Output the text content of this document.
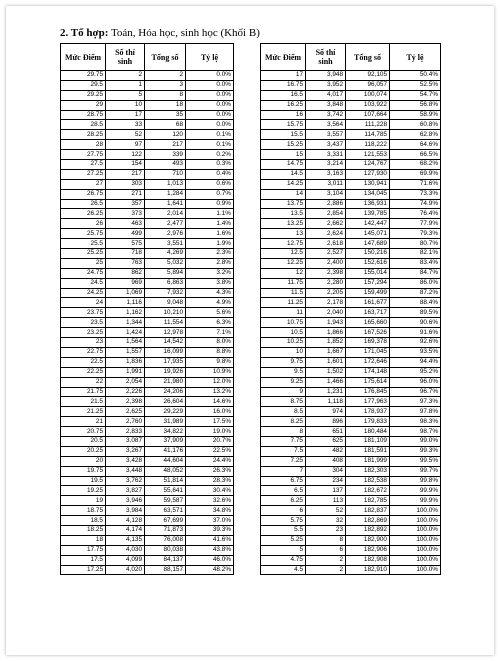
2. Tổ hợp: Toán, Hóa học, sinh học (Khối B)
Mức Điểm	Số thí sinh	Tổng số	Tỷ lệ
29.75	2	2	0.0%
29.5	1	3	0.0%
29.25	5	8	0.0%
29	10	18	0.0%
28.75	17	35	0.0%
28.5	33	68	0.0%
28.25	52	120	0.1%
28	97	217	0.1%
27.75	122	339	0.2%
27.5	154	493	0.3%
27.25	217	710	0.4%
27	303	1,013	0.6%
26.75	271	1,284	0.7%
26.5	357	1,641	0.9%
26.25	373	2,014	1.1%
26	463	2,477	1.4%
25.75	499	2,976	1.6%
25.5	575	3,551	1.9%
25.25	718	4,269	2.3%
25	763	5,032	2.8%
24.75	862	5,894	3.2%
24.5	969	6,863	3.8%
24.25	1,069	7,932	4.3%
24	1,116	9,048	4.9%
23.75	1,162	10,210	5.6%
23.5	1,344	11,554	6.3%
23.25	1,424	12,978	7.1%
23	1,564	14,542	8.0%
22.75	1,557	16,099	8.8%
22.5	1,836	17,935	9.8%
22.25	1,991	19,926	10.9%
22	2,054	21,980	12.0%
21.75	2,226	24,206	13.2%
21.5	2,398	26,604	14.6%
21.25	2,625	29,229	16.0%
21	2,760	31,989	17.5%
20.75	2,833	34,822	19.0%
20.5	3,087	37,909	20.7%
20.25	3,267	41,176	22.5%
20	3,428	44,604	24.4%
19.75	3,448	48,052	26.3%
19.5	3,762	51,814	28.3%
19.25	3,827	55,641	30.4%
19	3,946	59,587	32.6%
18.75	3,984	63,571	34.8%
18.5	4,128	67,699	37.0%
18.25	4,174	71,873	39.3%
18	4,135	76,008	41.6%
17.75	4,030	80,038	43.8%
17.5	4,099	84,137	46.0%
17.25	4,020	88,157	48.2%
Mức Điểm	Số thí sinh	Tổng số	Tỷ lệ
17	3,948	92,105	50.4%
16.75	3,952	96,057	52.5%
16.5	4,017	100,074	54.7%
16.25	3,848	103,922	56.8%
16	3,742	107,664	58.9%
15.75	3,564	111,228	60.8%
15.5	3,557	114,785	62.8%
15.25	3,437	118,222	64.6%
15	3,331	121,553	66.5%
14.75	3,214	124,767	68.2%
14.5	3,163	127,930	69.9%
14.25	3,011	130,941	71.6%
14	3,104	134,045	73.3%
13.75	2,886	136,931	74.9%
13.5	2,854	139,785	76.4%
13.25	2,662	142,447	77.9%
13	2,624	145,071	79.3%
12.75	2,618	147,689	80.7%
12.5	2,527	150,216	82.1%
12.25	2,400	152,616	83.4%
12	2,398	155,014	84.7%
11.75	2,280	157,294	86.0%
11.5	2,205	159,499	87.2%
11.25	2,178	161,677	88.4%
11	2,040	163,717	89.5%
10.75	1,943	165,660	90.6%
10.5	1,866	167,526	91.6%
10.25	1,852	169,378	92.6%
10	1,667	171,045	93.5%
9.75	1,601	172,646	94.4%
9.5	1,502	174,148	95.2%
9.25	1,466	175,614	96.0%
9	1,231	176,845	96.7%
8.75	1,118	177,963	97.3%
8.5	974	178,937	97.8%
8.25	896	179,833	98.3%
8	651	180,484	98.7%
7.75	625	181,109	99.0%
7.5	482	181,591	99.3%
7.25	408	181,999	99.5%
7	304	182,303	99.7%
6.75	234	182,538	99.8%
6.5	137	182,672	99.9%
6.25	113	182,785	99.9%
6	52	182,837	100.0%
5.75	32	182,869	100.0%
5.5	23	182,892	100.0%
5.25	8	182,900	100.0%
5	6	182,906	100.0%
4.75	2	182,908	100.0%
4.5	2	182,910	100.0%
